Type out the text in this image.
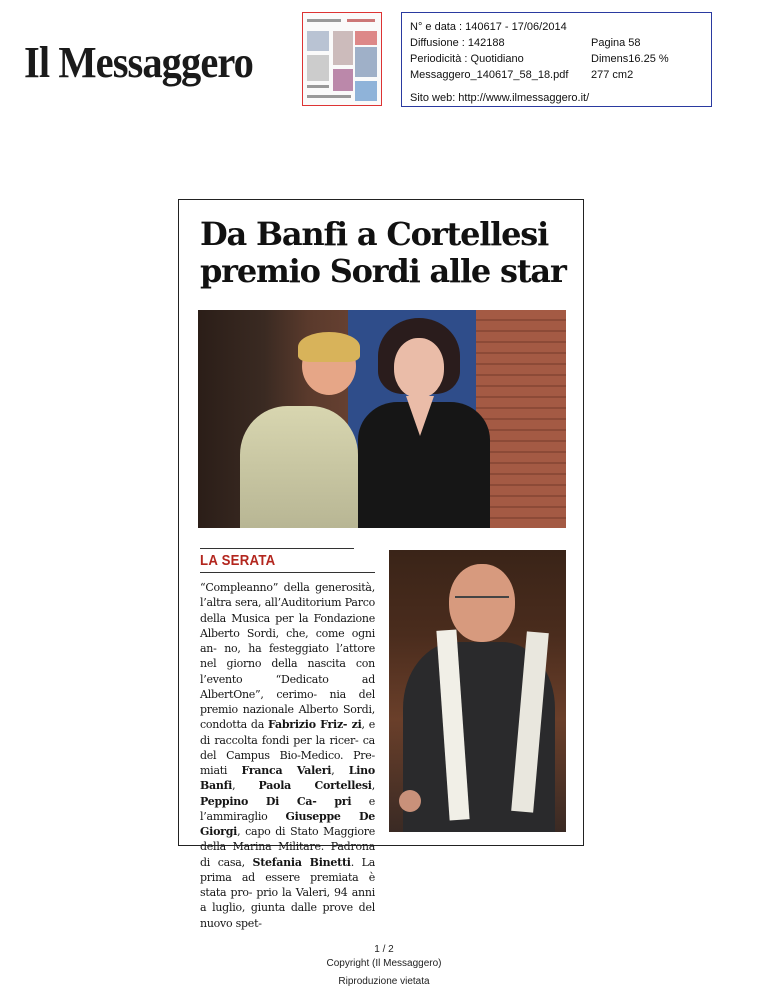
Il Messaggero
N° e data : 140617 - 17/06/2014
Diffusione : 142188
Periodicità : Quotidiano
Messaggero_140617_58_18.pdf
Pagina 58
Dimens16.25 %
277 cm2
Sito web: http://www.ilmessaggero.it/
Da Banfi a Cortellesi
premio Sordi alle star
LA SERATA
“Compleanno” della generosità, l’altra sera, all’Auditorium Parco della Musica per la Fondazione Alberto Sordi, che, come ogni an- no, ha festeggiato l’attore nel giorno della nascita con l’evento “Dedicato ad AlbertOne”, cerimo- nia del premio nazionale Alberto Sordi, condotta da Fabrizio Friz- zi, e di raccolta fondi per la ricer- ca del Campus Bio-Medico. Pre- miati Franca Valeri, Lino Banfi, Paola Cortellesi, Peppino Di Ca- pri e l’ammiraglio Giuseppe De Giorgi, capo di Stato Maggiore della Marina Militare. Padrona di casa, Stefania Binetti. La prima ad essere premiata è stata pro- prio la Valeri, 94 anni a luglio, giunta dalle prove del nuovo spet-
1 / 2
Copyright (Il Messaggero)
Riproduzione vietata
